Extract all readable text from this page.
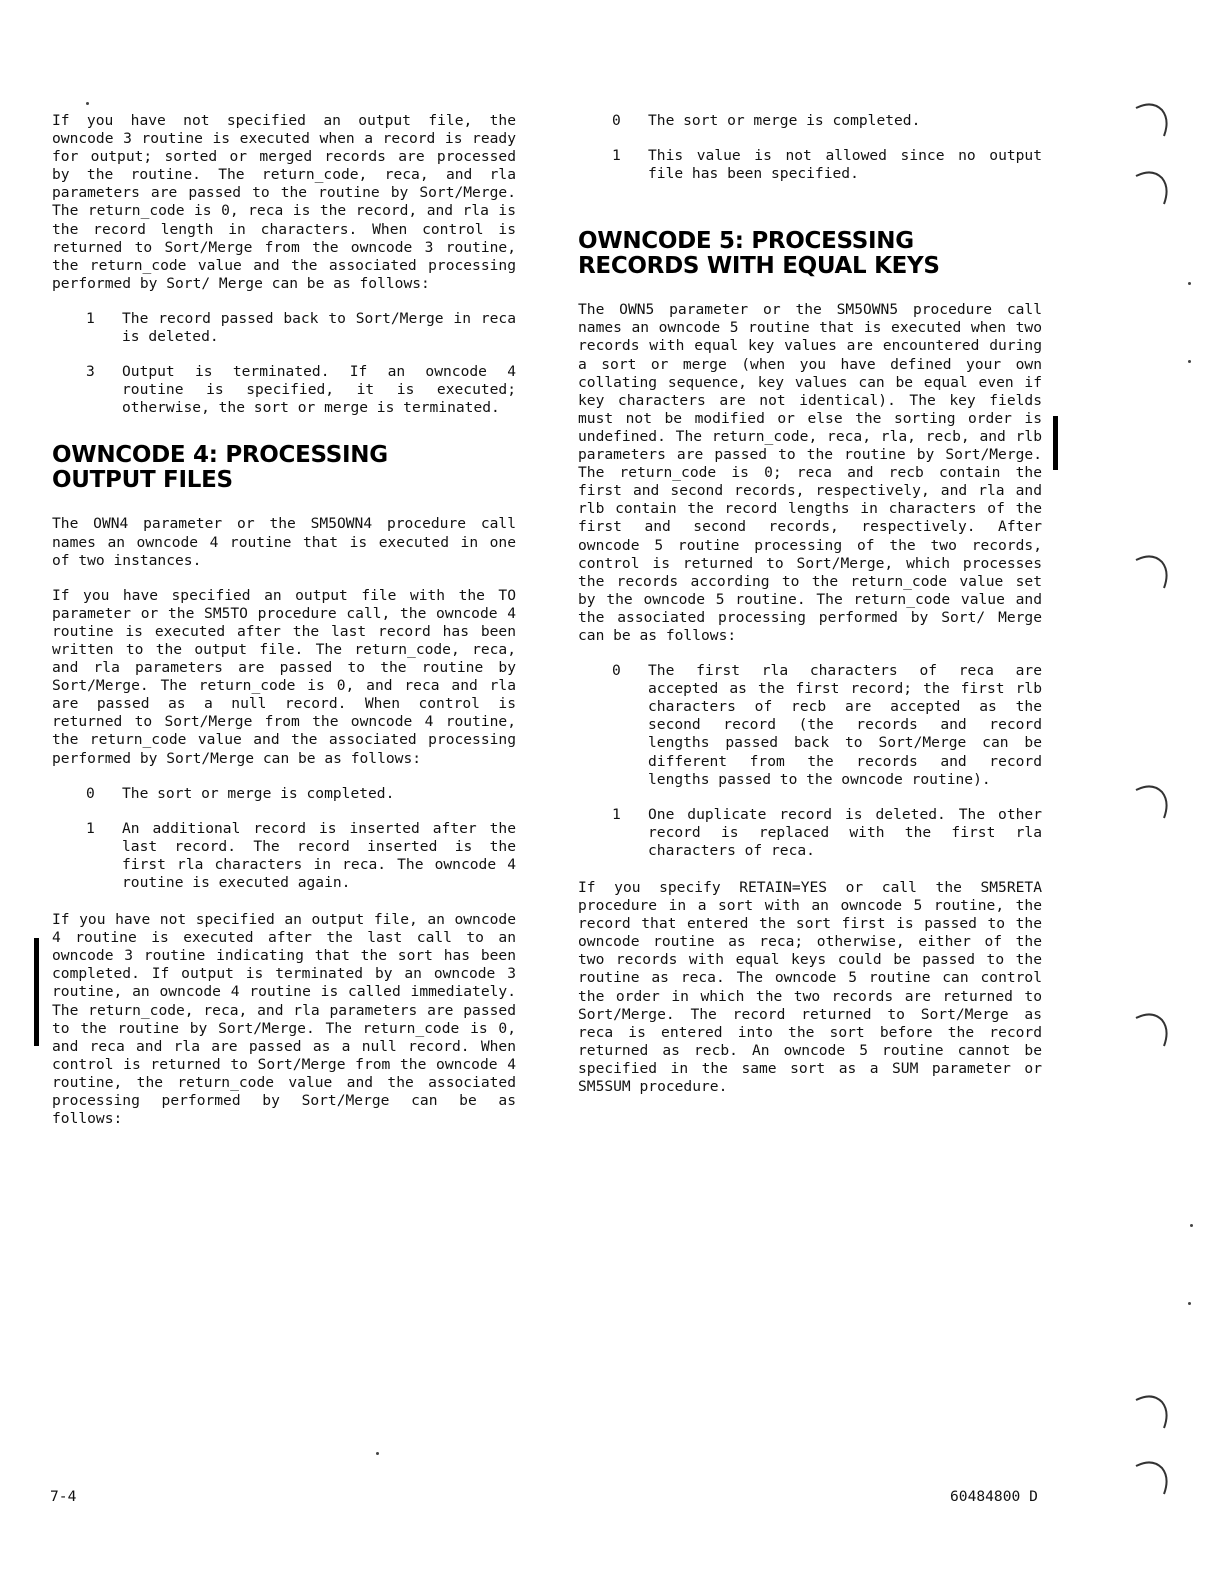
If you have not specified an output file, the owncode 3 routine is executed when a record is ready for output; sorted or merged records are processed by the routine. The return_code, reca, and rla parameters are passed to the routine by Sort/Merge. The return_code is 0, reca is the record, and rla is the record length in characters. When control is returned to Sort/Merge from the owncode 3 routine, the return_code value and the associated processing performed by Sort/ Merge can be as follows:

1	The record passed back to Sort/Merge in reca is deleted.
3	Output is terminated. If an owncode 4 routine is specified, it is executed; otherwise, the sort or merge is terminated.
OWNCODE 4: PROCESSING
OUTPUT FILES

The OWN4 parameter or the SM5OWN4 procedure call names an owncode 4 routine that is executed in one of two instances.

If you have specified an output file with the TO parameter or the SM5TO procedure call, the owncode 4 routine is executed after the last record has been written to the output file. The return_code, reca, and rla parameters are passed to the routine by Sort/Merge. The return_code is 0, and reca and rla are passed as a null record. When control is returned to Sort/Merge from the owncode 4 routine, the return_code value and the associated processing performed by Sort/Merge can be as follows:

0	The sort or merge is completed.
1	An additional record is inserted after the last record. The record inserted is the first rla characters in reca. The owncode 4 routine is executed again.

If you have not specified an output file, an owncode 4 routine is executed after the last call to an owncode 3 routine indicating that the sort has been completed. If output is terminated by an owncode 3 routine, an owncode 4 routine is called immediately. The return_code, reca, and rla parameters are passed to the routine by Sort/Merge. The return_code is 0, and reca and rla are passed as a null record. When control is returned to Sort/Merge from the owncode 4 routine, the return_code value and the associated processing performed by Sort/Merge can be as follows:

0	The sort or merge is completed.
1	This value is not allowed since no output file has been specified.
OWNCODE 5: PROCESSING
RECORDS WITH EQUAL KEYS

The OWN5 parameter or the SM5OWN5 procedure call names an owncode 5 routine that is executed when two records with equal key values are encountered during a sort or merge (when you have defined your own collating sequence, key values can be equal even if key characters are not identical). The key fields must not be modified or else the sorting order is undefined. The return_code, reca, rla, recb, and rlb parameters are passed to the routine by Sort/Merge. The return_code is 0; reca and recb contain the first and second records, respectively, and rla and rlb contain the record lengths in characters of the first and second records, respectively. After owncode 5 routine processing of the two records, control is returned to Sort/Merge, which processes the records according to the return_code value set by the owncode 5 routine. The return_code value and the associated processing performed by Sort/ Merge can be as follows:

0	The first rla characters of reca are accepted as the first record; the first rlb characters of recb are accepted as the second record (the records and record lengths passed back to Sort/Merge can be different from the records and record lengths passed to the owncode routine).
1	One duplicate record is deleted. The other record is replaced with the first rla characters of reca.

If you specify RETAIN=YES or call the SM5RETA procedure in a sort with an owncode 5 routine, the record that entered the sort first is passed to the owncode routine as reca; otherwise, either of the two records with equal keys could be passed to the routine as reca. The owncode 5 routine can control the order in which the two records are returned to Sort/Merge. The record returned to Sort/Merge as reca is entered into the sort before the record returned as recb. An owncode 5 routine cannot be specified in the same sort as a SUM parameter or SM5SUM procedure.

7-4	60484800 D
